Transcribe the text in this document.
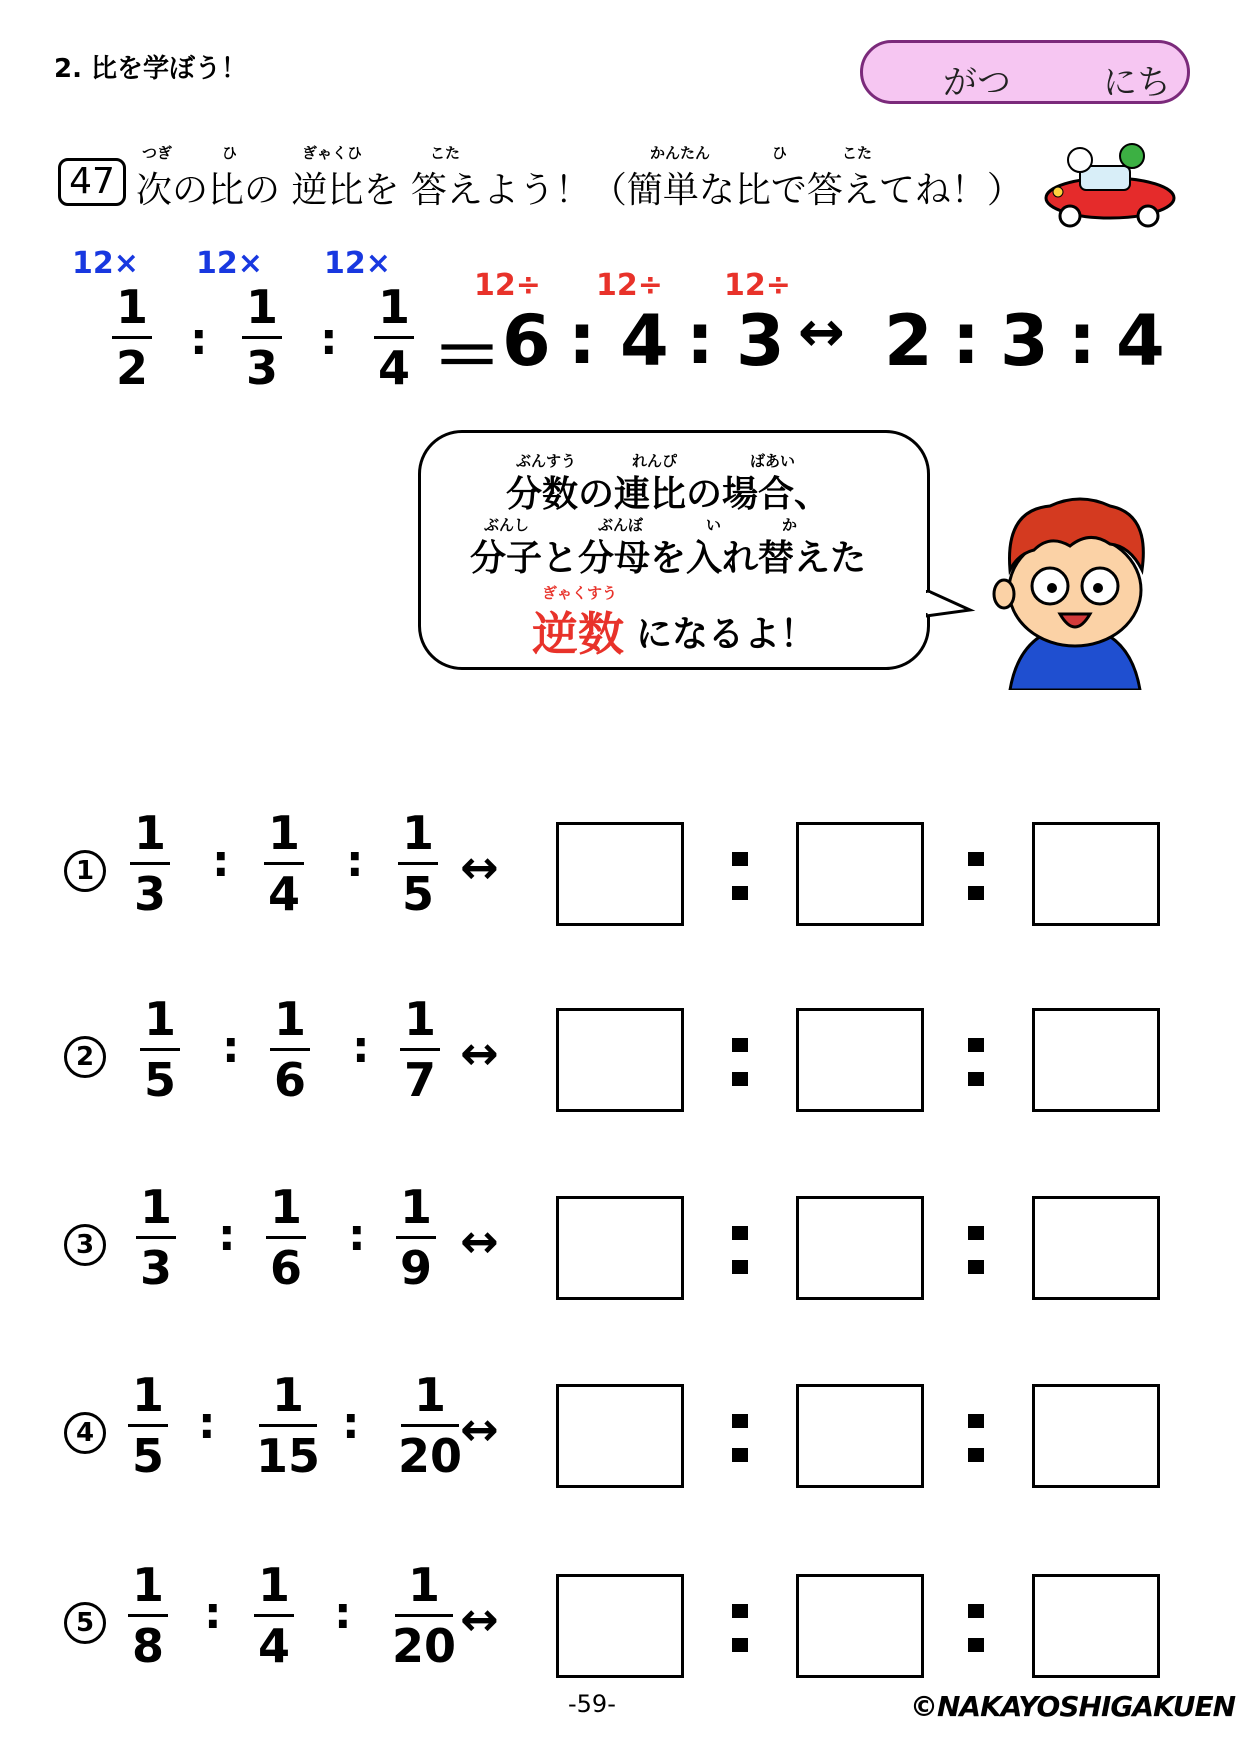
2. 比を学ぼう！	がつ	にち
47
つぎ	ひ	ぎゃくひ	こた	かんたん	ひ	こた
次の比の 逆比を 答えよう！（簡単な比で答えてね！）
12× 12× 12×
1
2
:
1
3
:
1
4 ＝
12÷ 12÷ 12÷
6 : 4 : 3 ↔ 2 : 3 : 4
ぶんすう	れんぴ	ばあい
分数の連比の場合、
ぶんし	ぶんぼ	い	か
分子と分母を入れ替えた
ぎゃくすう
逆数 になるよ！
1
1
3
:
1
4
:
1
5 ↔
2
1
5
:
1
6
:
1
7 ↔
3
1
3
:
1
6
:
1
9 ↔
4
1
5
:
1
15
:
1
20
↔
5
1
8
:
1
4
:
1
20 ↔
-59-	©NAKAYOSHIGAKUEN
